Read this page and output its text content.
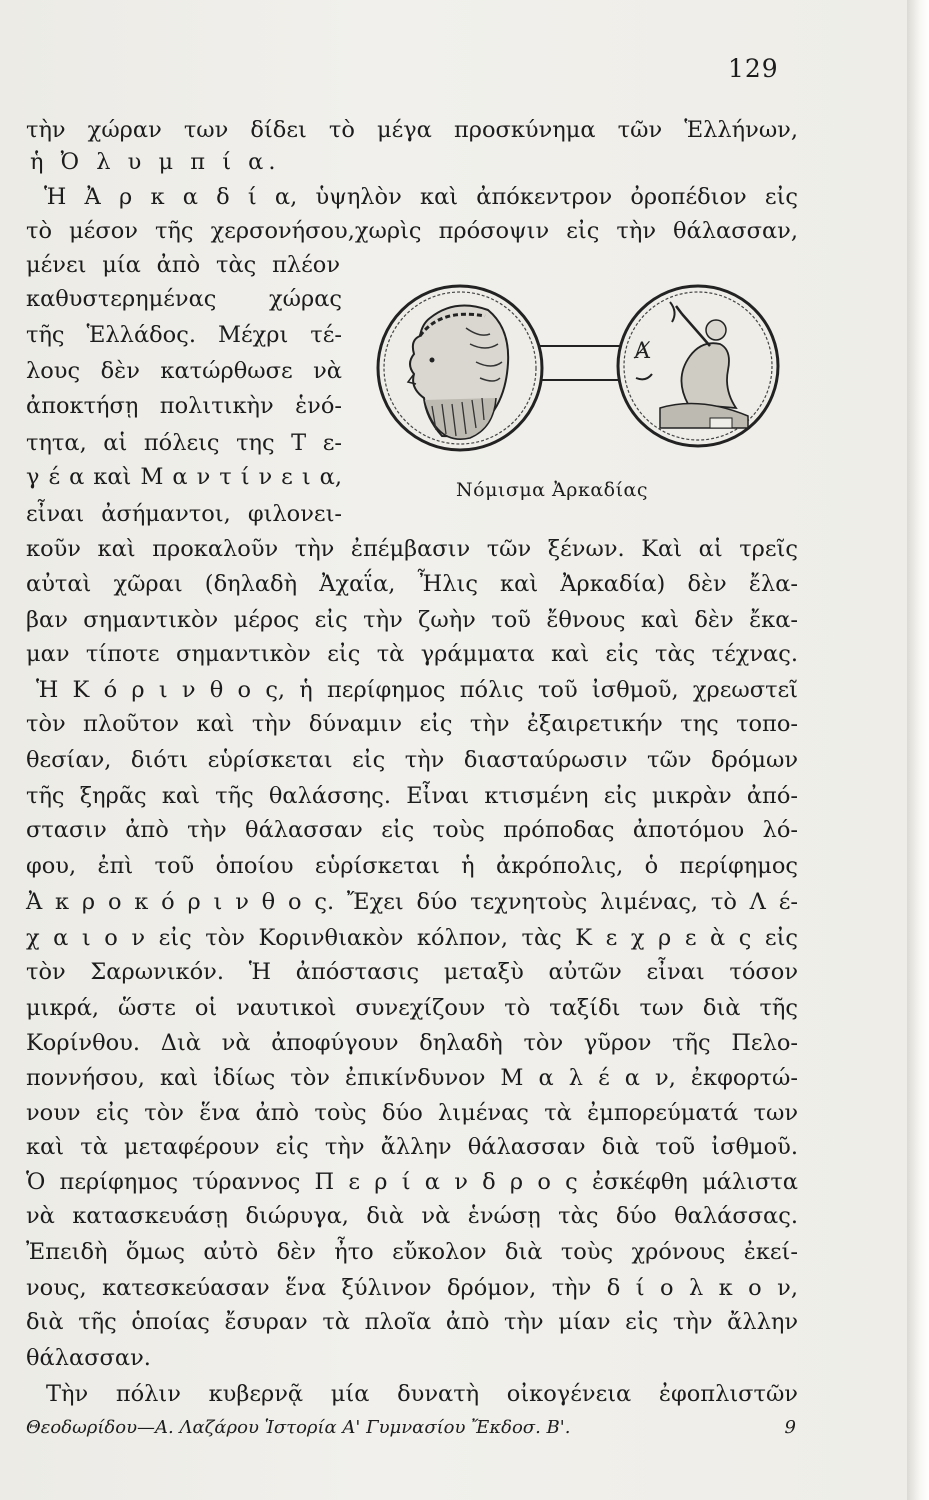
129
τὴν χώραν των δίδει τὸ μέγα προσκύνημα τῶν Ἑλλήνων,
ἡ Ὀ λ υ μ π ί α.
Ἡ Ἀ ρ κ α δ ί α, ὑψηλὸν καὶ ἀπόκεντρον ὀροπέδιον εἰς
τὸ μέσον τῆς χερσονήσου,χωρὶς πρόσοψιν εἰς τὴν θάλασσαν,
μένει μία ἀπὸ τὰς πλέον
καθυστερημένας χώρας
τῆς Ἑλλάδος. Μέχρι τέ-
λους δὲν κατώρθωσε νὰ
ἀποκτήσῃ πολιτικὴν ἑνό-
τητα, αἱ πόλεις της Τ ε-
γ έ α καὶ Μ α ν τ ί ν ε ι α,
εἶναι ἀσήμαντοι, φιλονει-
κοῦν καὶ προκαλοῦν τὴν ἐπέμβασιν τῶν ξένων. Καὶ αἱ τρεῖς
αὐταὶ χῶραι (δηλαδὴ Ἀχαΐα, Ἦλις καὶ Ἀρκαδία) δὲν ἔλα-
βαν σημαντικὸν μέρος εἰς τὴν ζωὴν τοῦ ἔθνους καὶ δὲν ἔκα-
μαν τίποτε σημαντικὸν εἰς τὰ γράμματα καὶ εἰς τὰς τέχνας.
Ἡ Κ ό ρ ι ν θ ο ς, ἡ περίφημος πόλις τοῦ ἰσθμοῦ, χρεωστεῖ
τὸν πλοῦτον καὶ τὴν δύναμιν εἰς τὴν ἐξαιρετικήν της τοπο-
θεσίαν, διότι εὑρίσκεται εἰς τὴν διασταύρωσιν τῶν δρόμων
τῆς ξηρᾶς καὶ τῆς θαλάσσης. Εἶναι κτισμένη εἰς μικρὰν ἀπό-
στασιν ἀπὸ τὴν θάλασσαν εἰς τοὺς πρόποδας ἀποτόμου λό-
φου, ἐπὶ τοῦ ὁποίου εὑρίσκεται ἡ ἀκρόπολις, ὁ περίφημος
Ἀ κ ρ ο κ ό ρ ι ν θ ο ς. Ἔχει δύο τεχνητοὺς λιμένας, τὸ Λ έ-
χ α ι ο ν εἰς τὸν Κορινθιακὸν κόλπον, τὰς Κ ε χ ρ ε ὰ ς εἰς
τὸν Σαρωνικόν. Ἡ ἀπόστασις μεταξὺ αὐτῶν εἶναι τόσον
μικρά, ὥστε οἱ ναυτικοὶ συνεχίζουν τὸ ταξίδι των διὰ τῆς
Κορίνθου. Διὰ νὰ ἀποφύγουν δηλαδὴ τὸν γῦρον τῆς Πελο-
ποννήσου, καὶ ἰδίως τὸν ἐπικίνδυνον Μ α λ έ α ν, ἐκφορτώ-
νουν εἰς τὸν ἕνα ἀπὸ τοὺς δύο λιμένας τὰ ἐμπορεύματά των
καὶ τὰ μεταφέρουν εἰς τὴν ἄλλην θάλασσαν διὰ τοῦ ἰσθμοῦ.
Ὁ περίφημος τύραννος Π ε ρ ί α ν δ ρ ο ς ἐσκέφθη μάλιστα
νὰ κατασκευάσῃ διώρυγα, διὰ νὰ ἑνώσῃ τὰς δύο θαλάσσας.
Ἐπειδὴ ὅμως αὐτὸ δὲν ἦτο εὔκολον διὰ τοὺς χρόνους ἐκεί-
νους, κατεσκεύασαν ἕνα ξύλινον δρόμον, τὴν δ ί ο λ κ ο ν,
διὰ τῆς ὁποίας ἔσυραν τὰ πλοῖα ἀπὸ τὴν μίαν εἰς τὴν ἄλλην
θάλασσαν.
Τὴν πόλιν κυβερνᾷ μία δυνατὴ οἰκογένεια ἐφοπλιστῶν
Ⱥ
Νόμισμα Ἀρκαδίας
Θεοδωρίδου—Α. Λαζάρου Ἱστορία Α' Γυμνασίου Ἔκδοσ. Β'.	9
